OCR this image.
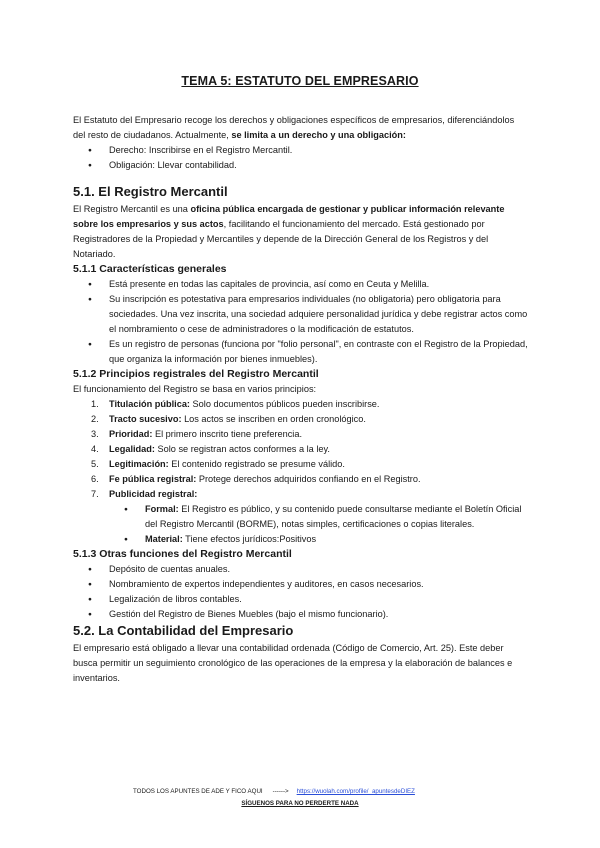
TEMA 5: ESTATUTO DEL EMPRESARIO

El Estatuto del Empresario recoge los derechos y obligaciones específicos de empresarios, diferenciándolos del resto de ciudadanos. Actualmente, se limita a un derecho y una obligación:

● Derecho: Inscribirse en el Registro Mercantil.
● Obligación: Llevar contabilidad.
5.1. El Registro Mercantil

El Registro Mercantil es una oficina pública encargada de gestionar y publicar información relevante sobre los empresarios y sus actos, facilitando el funcionamiento del mercado. Está gestionado por Registradores de la Propiedad y Mercantiles y depende de la Dirección General de los Registros y del Notariado.

5.1.1 Características generales
● Está presente en todas las capitales de provincia, así como en Ceuta y Melilla.
● Su inscripción es potestativa para empresarios individuales (no obligatoria) pero obligatoria para sociedades. Una vez inscrita, una sociedad adquiere personalidad jurídica y debe registrar actos como el nombramiento o cese de administradores o la modificación de estatutos.
● Es un registro de personas (funciona por "folio personal", en contraste con el Registro de la Propiedad, que organiza la información por bienes inmuebles).
5.1.2 Principios registrales del Registro Mercantil

El funcionamiento del Registro se basa en varios principios:

1. Titulación pública: Solo documentos públicos pueden inscribirse.
2. Tracto sucesivo: Los actos se inscriben en orden cronológico.
3. Prioridad: El primero inscrito tiene preferencia.
4. Legalidad: Solo se registran actos conformes a la ley.
5. Legitimación: El contenido registrado se presume válido.
6. Fe pública registral: Protege derechos adquiridos confiando en el Registro.
7. Publicidad registral:
● Formal: El Registro es público, y su contenido puede consultarse mediante el Boletín Oficial del Registro Mercantil (BORME), notas simples, certificaciones o copias literales.
● Material: Tiene efectos jurídicos:Positivos
5.1.3 Otras funciones del Registro Mercantil
● Depósito de cuentas anuales.
● Nombramiento de expertos independientes y auditores, en casos necesarios.
● Legalización de libros contables.
● Gestión del Registro de Bienes Muebles (bajo el mismo funcionario).
5.2. La Contabilidad del Empresario

El empresario está obligado a llevar una contabilidad ordenada (Código de Comercio, Art. 25). Este deber busca permitir un seguimiento cronológico de las operaciones de la empresa y la elaboración de balances e inventarios.

TODOS LOS APUNTES DE ADE Y FICO AQUI ------> https://wuolah.com/profile/_apuntesdeDIEZ
SÍGUENOS PARA NO PERDERTE NADA
